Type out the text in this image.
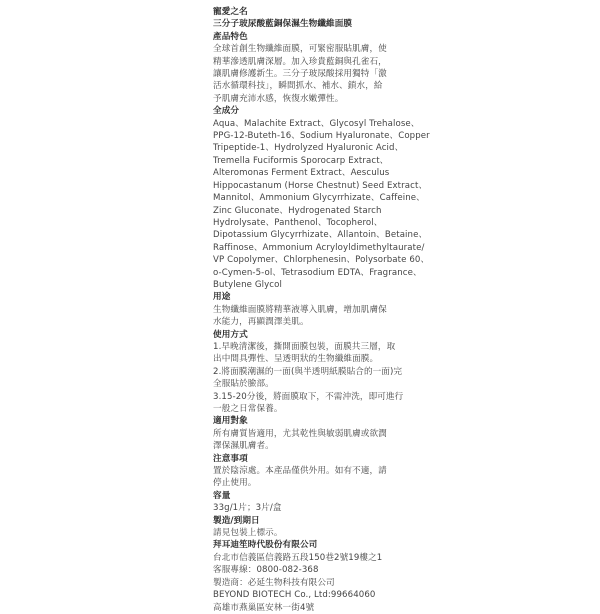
寵愛之名
三分子玻尿酸藍銅保濕生物纖維面膜
產品特色
全球首創生物纖維面膜，可緊密服貼肌膚，使
精華滲透肌膚深層。加入珍貴藍銅與孔雀石，
讓肌膚修護新生。三分子玻尿酸採用獨特「激
活水循環科技」，瞬間抓水、補水、鎖水，給
予肌膚充沛水感，恢復水嫩彈性。
全成分
Aqua、Malachite Extract、Glycosyl Trehalose、
PPG-12-Buteth-16、Sodium Hyaluronate、Copper
Tripeptide-1、Hydrolyzed Hyaluronic Acid、
Tremella Fuciformis Sporocarp Extract、
Alteromonas Ferment Extract、Aesculus
Hippocastanum (Horse Chestnut) Seed Extract、
Mannitol、Ammonium Glycyrrhizate、Caffeine、
Zinc Gluconate、Hydrogenated Starch
Hydrolysate、Panthenol、Tocopherol、
Dipotassium Glycyrrhizate、Allantoin、Betaine、
Raffinose、Ammonium Acryloyldimethyltaurate/
VP Copolymer、Chlorphenesin、Polysorbate 60、
o-Cymen-5-ol、Tetrasodium EDTA、Fragrance、
Butylene Glycol
用途
生物纖維面膜將精華液導入肌膚，增加肌膚保
水能力，再顯潤澤美肌。
使用方式
1.早晚清潔後，撕開面膜包裝，面膜共三層，取
出中間具彈性、呈透明狀的生物纖維面膜。
2.將面膜潮濕的一面(與半透明紙膜貼合的一面)完
全服貼於臉部。
3.15-20分後，將面膜取下，不需沖洗，即可進行
一般之日常保養。
適用對象
所有膚質皆適用，尤其乾性與敏弱肌膚或欲潤
澤保濕肌膚者。
注意事項
置於陰涼處。本產品僅供外用。如有不適，請
停止使用。
容量
33g/1片；3片/盒
製造/到期日
請見包裝上標示。
拜耳迪笙時代股份有限公司
台北市信義區信義路五段150巷2號19樓之1
客服專線：0800-082-368
製造商：必延生物科技有限公司
BEYOND BIOTECH Co., Ltd:99664060
高雄市燕巢區安林一街4號
